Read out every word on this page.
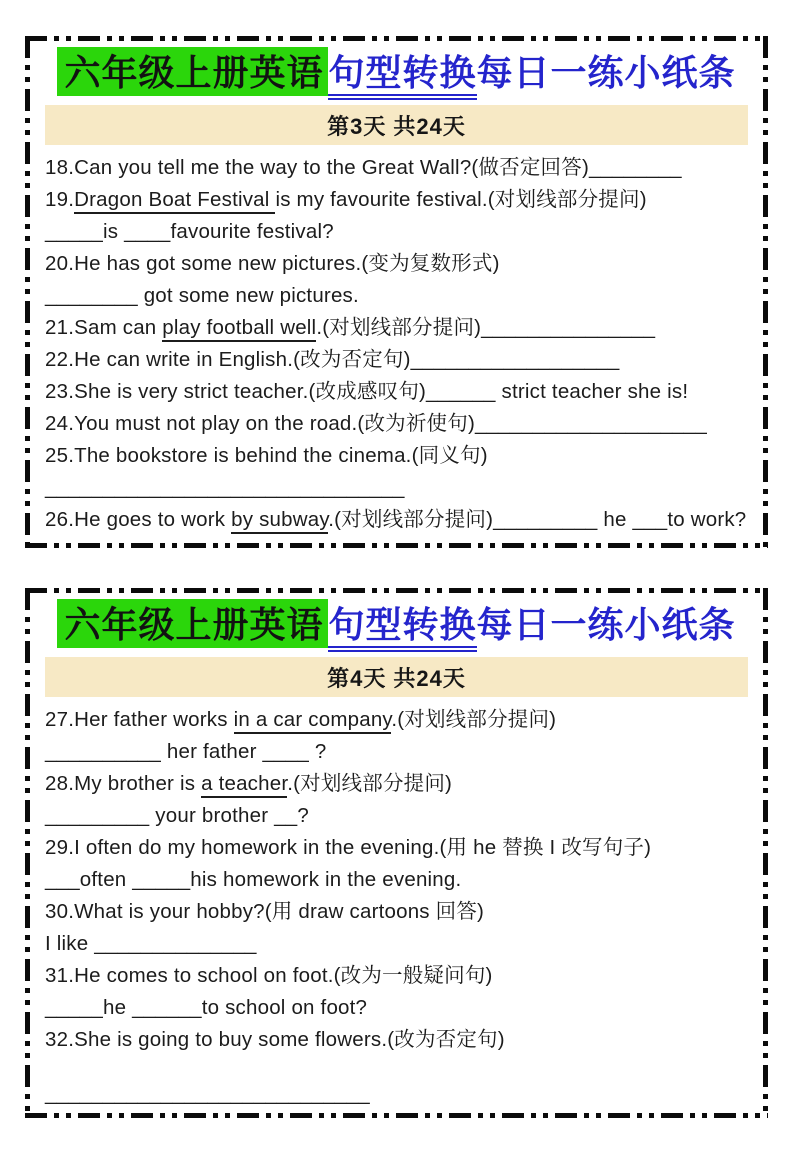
六年级上册英语 句型转换每日一练小纸条
第3天 共24天
18.Can you tell me the way to the Great Wall?(做否定回答)________
19.Dragon Boat Festival is my favourite festival.(对划线部分提问)
_____is ____favourite festival?
20.He has got some new pictures.(变为复数形式)
________ got some new pictures.
21.Sam can play football well.(对划线部分提问)_______________
22.He can write in English.(改为否定句)__________________
23.She is very strict teacher.(改成感叹句)______ strict teacher she is!
24.You must not play on the road.(改为祈使句)____________________
25.The bookstore is behind the cinema.(同义句)
_______________________________
26.He goes to work by subway.(对划线部分提问)_________ he ___to work?
六年级上册英语 句型转换每日一练小纸条
第4天 共24天
27.Her father works in a car company.(对划线部分提问)
__________ her father ____ ?
28.My brother is a teacher.(对划线部分提问)
_________ your brother __?
29.I often do my homework in the evening.(用 he 替换 I 改写句子)
___often _____his homework in the evening.
30.What is your hobby?(用 draw cartoons 回答)
I like ______________
31.He comes to school on foot.(改为一般疑问句)
_____he ______to school on foot?
32.She is going to buy some flowers.(改为否定句)
____________________________
